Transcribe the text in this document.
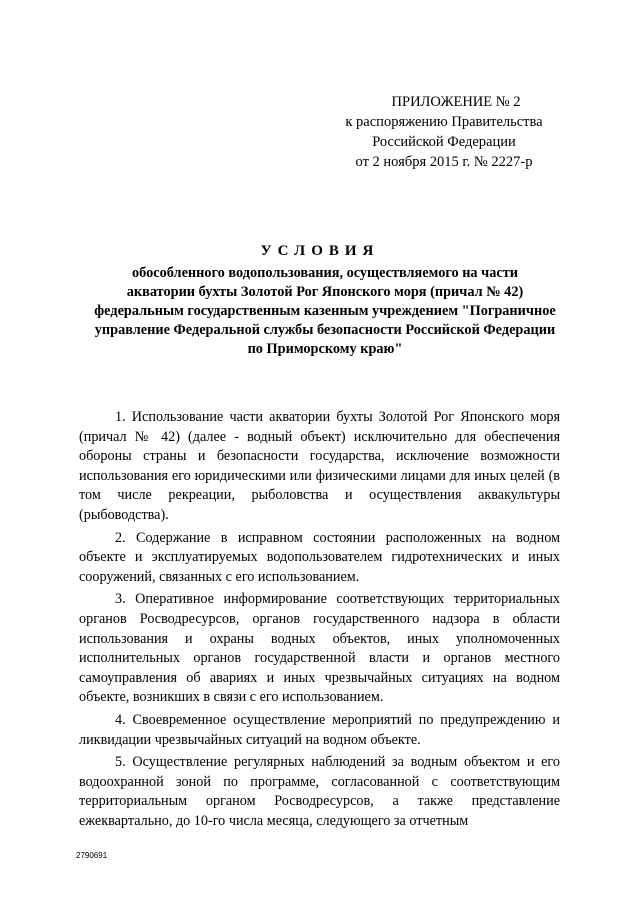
ПРИЛОЖЕНИЕ № 2
к распоряжению Правительства
Российской Федерации
от 2 ноября 2015 г. № 2227-р
УСЛОВИЯ
обособленного водопользования, осуществляемого на части
акватории бухты Золотой Рог Японского моря (причал № 42)
федеральным государственным казенным учреждением "Пограничное
управление Федеральной службы безопасности Российской Федерации
по Приморскому краю"

1. Использование части акватории бухты Золотой Рог Японского моря (причал № 42) (далее - водный объект) исключительно для обеспечения обороны страны и безопасности государства, исключение возможности использования его юридическими или физическими лицами для иных целей (в том числе рекреации, рыболовства и осуществления аквакультуры (рыбоводства).

2. Содержание в исправном состоянии расположенных на водном объекте и эксплуатируемых водопользователем гидротехнических и иных сооружений, связанных с его использованием.

3. Оперативное информирование соответствующих территориальных органов Росводресурсов, органов государственного надзора в области использования и охраны водных объектов, иных уполномоченных исполнительных органов государственной власти и органов местного самоуправления об авариях и иных чрезвычайных ситуациях на водном объекте, возникших в связи с его использованием.

4. Своевременное осуществление мероприятий по предупреждению и ликвидации чрезвычайных ситуаций на водном объекте.

5. Осуществление регулярных наблюдений за водным объектом и его водоохранной зоной по программе, согласованной с соответствующим территориальным органом Росводресурсов, а также представление ежеквартально, до 10-го числа месяца, следующего за отчетным

2790691
